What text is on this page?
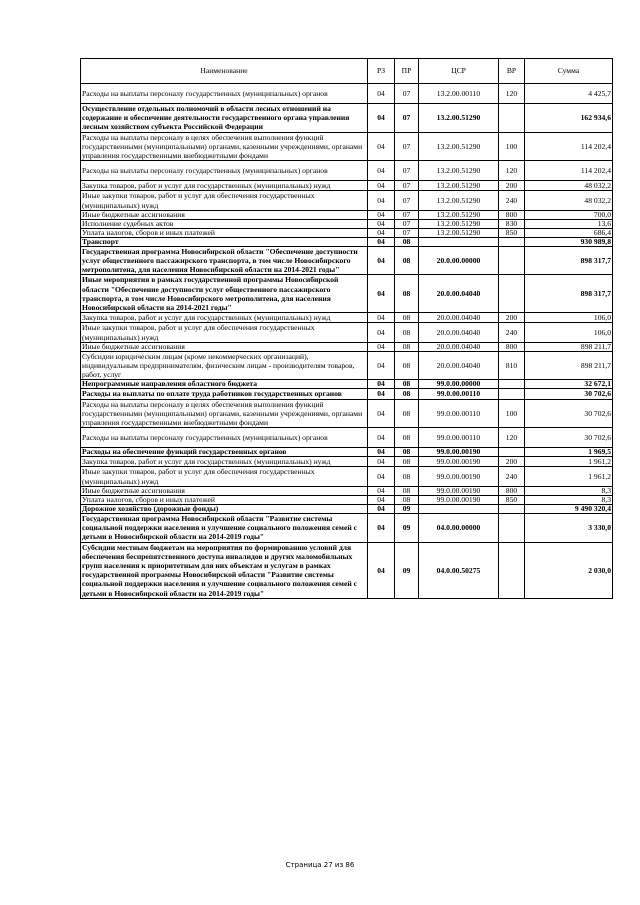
Наименование	РЗ	ПР	ЦСР	ВР	Сумма
Расходы на выплаты персоналу государственных (муниципальных) органов	04	07	13.2.00.00110	120	4 425,7
Осуществление отдельных полномочий в области лесных отношений на содержание и обеспечение деятельности государственного органа управления лесным хозяйством субъекта Российской Федерации	04	07	13.2.00.51290		162 934,6
Расходы на выплаты персоналу в целях обеспечения выполнения функций государственными (муниципальными) органами, казенными учреждениями, органами управления государственными внебюджетными фондами	04	07	13.2.00.51290	100	114 202,4
Расходы на выплаты персоналу государственных (муниципальных) органов	04	07	13.2.00.51290	120	114 202,4
Закупка товаров, работ и услуг для государственных (муниципальных) нужд	04	07	13.2.00.51290	200	48 032,2
Иные закупки товаров, работ и услуг для обеспечения государственных (муниципальных) нужд	04	07	13.2.00.51290	240	48 032,2
Иные бюджетные ассигнования	04	07	13.2.00.51290	800	700,0
Исполнение судебных актов	04	07	13.2.00.51290	830	13,6
Уплата налогов, сборов и иных платежей	04	07	13.2.00.51290	850	686,4
Транспорт	04	08			930 989,8
Государственная программа Новосибирской области "Обеспечение доступности услуг общественного пассажирского транспорта, в том числе Новосибирского метрополитена, для населения Новосибирской области на 2014-2021 годы"	04	08	20.0.00.00000		898 317,7
Иные мероприятия в рамках государственной программы Новосибирской области "Обеспечение доступности услуг общественного пассажирского транспорта, в том числе Новосибирского метрополитена, для населения Новосибирской области на 2014-2021 годы"	04	08	20.0.00.04040		898 317,7
Закупка товаров, работ и услуг для государственных (муниципальных) нужд	04	08	20.0.00.04040	200	106,0
Иные закупки товаров, работ и услуг для обеспечения государственных (муниципальных) нужд	04	08	20.0.00.04040	240	106,0
Иные бюджетные ассигнования	04	08	20.0.00.04040	800	898 211,7
Субсидии юридическим лицам (кроме некоммерческих организаций), индивидуальным предпринимателям, физическим лицам - производителям товаров, работ, услуг	04	08	20.0.00.04040	810	898 211,7
Непрограммные направления областного бюджета	04	08	99.0.00.00000		32 672,1
Расходы на выплаты по оплате труда работников государственных органов	04	08	99.0.00.00110		30 702,6
Расходы на выплаты персоналу в целях обеспечения выполнения функций государственными (муниципальными) органами, казенными учреждениями, органами управления государственными внебюджетными фондами	04	08	99.0.00.00110	100	30 702,6
Расходы на выплаты персоналу государственных (муниципальных) органов	04	08	99.0.00.00110	120	30 702,6
Расходы на обеспечение функций государственных органов	04	08	99.0.00.00190		1 969,5
Закупка товаров, работ и услуг для государственных (муниципальных) нужд	04	08	99.0.00.00190	200	1 961,2
Иные закупки товаров, работ и услуг для обеспечения государственных (муниципальных) нужд	04	08	99.0.00.00190	240	1 961,2
Иные бюджетные ассигнования	04	08	99.0.00.00190	800	8,3
Уплата налогов, сборов и иных платежей	04	08	99.0.00.00190	850	8,3
Дорожное хозяйство (дорожные фонды)	04	09			9 490 320,4
Государственная программа Новосибирской области "Развитие системы социальной поддержки населения и улучшение социального положения семей с детьми в Новосибирской области на 2014-2019 годы"	04	09	04.0.00.00000		3 330,0
Субсидии местным бюджетам на мероприятия по формированию условий для обеспечения беспрепятственного доступа инвалидов и других маломобильных групп населения к приоритетным для них объектам и услугам в рамках государственной программы Новосибирской области "Развитие системы социальной поддержки населения и улучшение социального положения семей с детьми в Новосибирской области на 2014-2019 годы"	04	09	04.0.00.50275		2 030,0
Страница 27 из 86
